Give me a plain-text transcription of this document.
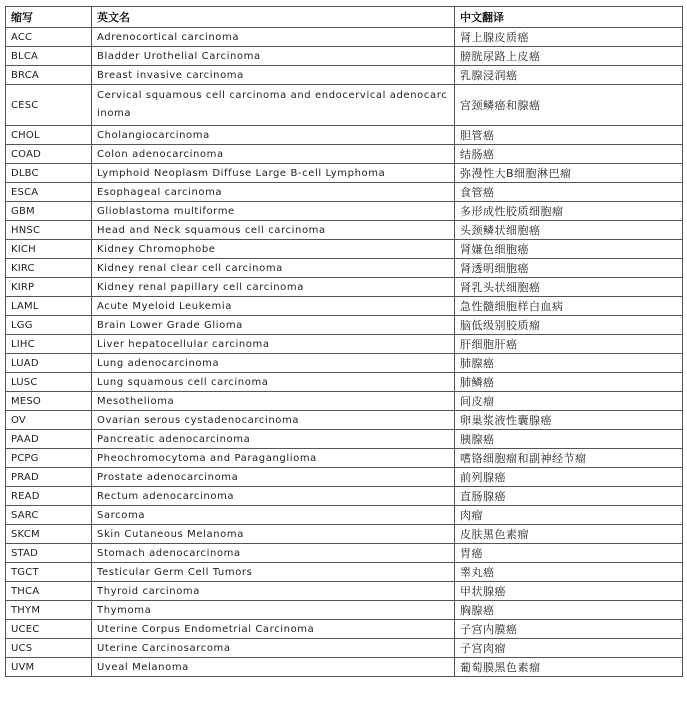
缩写	英文名	中文翻译
ACC	Adrenocortical carcinoma	肾上腺皮质癌
BLCA	Bladder Urothelial Carcinoma	膀胱尿路上皮癌
BRCA	Breast invasive carcinoma	乳腺浸润癌
CESC	Cervical squamous cell carcinoma and endocervical adenocarcinoma	宫颈鳞癌和腺癌
CHOL	Cholangiocarcinoma	胆管癌
COAD	Colon adenocarcinoma	结肠癌
DLBC	Lymphoid Neoplasm Diffuse Large B-cell Lymphoma	弥漫性大B细胞淋巴瘤
ESCA	Esophageal carcinoma	食管癌
GBM	Glioblastoma multiforme	多形成性胶质细胞瘤
HNSC	Head and Neck squamous cell carcinoma	头颈鳞状细胞癌
KICH	Kidney Chromophobe	肾嫌色细胞癌
KIRC	Kidney renal clear cell carcinoma	肾透明细胞癌
KIRP	Kidney renal papillary cell carcinoma	肾乳头状细胞癌
LAML	Acute Myeloid Leukemia	急性髓细胞样白血病
LGG	Brain Lower Grade Glioma	脑低级别胶质瘤
LIHC	Liver hepatocellular carcinoma	肝细胞肝癌
LUAD	Lung adenocarcinoma	肺腺癌
LUSC	Lung squamous cell carcinoma	肺鳞癌
MESO	Mesothelioma	间皮瘤
OV	Ovarian serous cystadenocarcinoma	卵巢浆液性囊腺癌
PAAD	Pancreatic adenocarcinoma	胰腺癌
PCPG	Pheochromocytoma and Paraganglioma	嗜铬细胞瘤和副神经节瘤
PRAD	Prostate adenocarcinoma	前列腺癌
READ	Rectum adenocarcinoma	直肠腺癌
SARC	Sarcoma	肉瘤
SKCM	Skin Cutaneous Melanoma	皮肤黑色素瘤
STAD	Stomach adenocarcinoma	胃癌
TGCT	Testicular Germ Cell Tumors	睾丸癌
THCA	Thyroid carcinoma	甲状腺癌
THYM	Thymoma	胸腺癌
UCEC	Uterine Corpus Endometrial Carcinoma	子宫内膜癌
UCS	Uterine Carcinosarcoma	子宫肉瘤
UVM	Uveal Melanoma	葡萄膜黑色素瘤
